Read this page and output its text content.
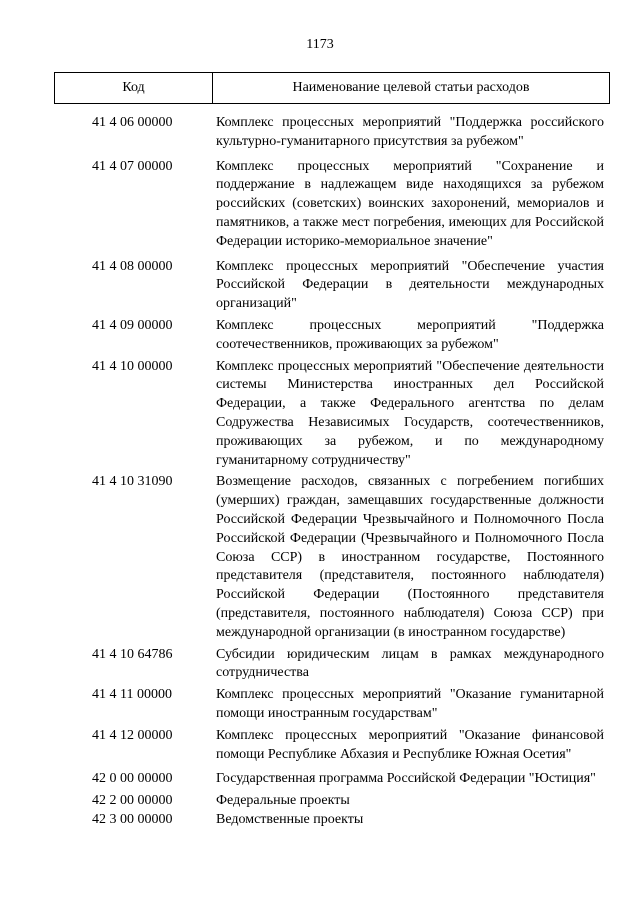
1173
Код	Наименование целевой статьи расходов
41 4 06 00000	Комплекс процессных мероприятий "Поддержка российского культурно-гуманитарного присутствия за рубежом"
41 4 07 00000	Комплекс процессных мероприятий "Сохранение и поддержание в надлежащем виде находящихся за рубежом российских (советских) воинских захоронений, мемориалов и памятников, а также мест погребения, имеющих для Российской Федерации историко-мемориальное значение"
41 4 08 00000	Комплекс процессных мероприятий "Обеспечение участия Российской Федерации в деятельности международных организаций"
41 4 09 00000	Комплекс процессных мероприятий "Поддержка соотечественников, проживающих за рубежом"
41 4 10 00000	Комплекс процессных мероприятий "Обеспечение деятельности системы Министерства иностранных дел Российской Федерации, а также Федерального агентства по делам Содружества Независимых Государств, соотечественников, проживающих за рубежом, и по международному гуманитарному сотрудничеству"
41 4 10 31090	Возмещение расходов, связанных с погребением погибших (умерших) граждан, замещавших государственные должности Российской Федерации Чрезвычайного и Полномочного Посла Российской Федерации (Чрезвычайного и Полномочного Посла Союза ССР) в иностранном государстве, Постоянного представителя (представителя, постоянного наблюдателя) Российской Федерации (Постоянного представителя (представителя, постоянного наблюдателя) Союза ССР) при международной организации (в иностранном государстве)
41 4 10 64786	Субсидии юридическим лицам в рамках международного сотрудничества
41 4 11 00000	Комплекс процессных мероприятий "Оказание гуманитарной помощи иностранным государствам"
41 4 12 00000	Комплекс процессных мероприятий "Оказание финансовой помощи Республике Абхазия и Республике Южная Осетия"
42 0 00 00000	Государственная программа Российской Федерации "Юстиция"
42 2 00 00000	Федеральные проекты
42 3 00 00000	Ведомственные проекты
